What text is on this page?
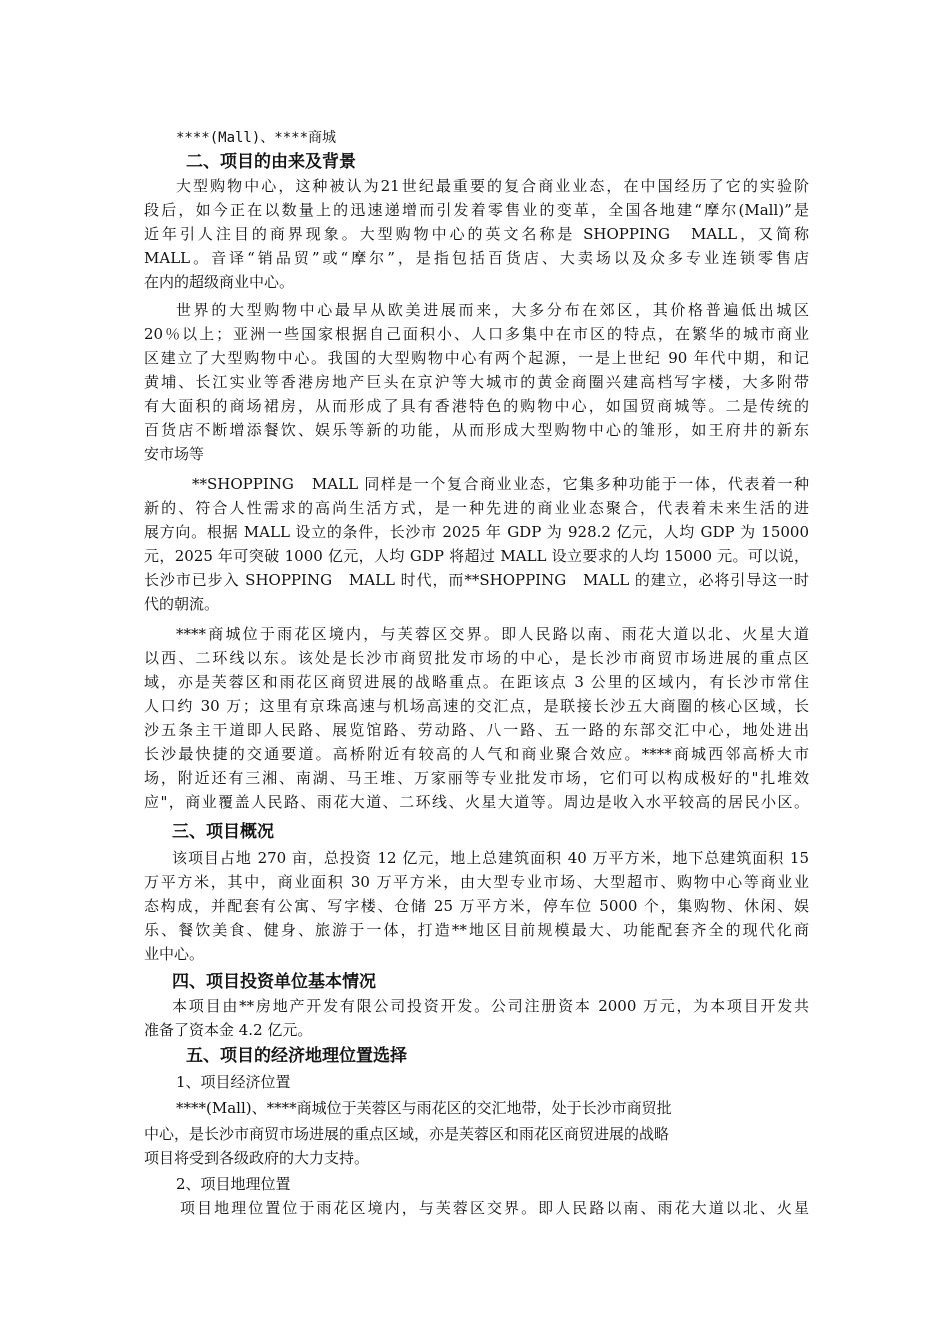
****(Mall)、****商城
二、项目的由来及背景
大型购物中心，这种被认为21世纪最重要的复合商业业态，在中国经历了它的实验阶
段后，如今正在以数量上的迅速递增而引发着零售业的变革，全国各地建“摩尔(Mall)”是
近年引人注目的商界现象。大型购物中心的英文名称是 SHOPPING　MALL，又简称
MALL。音译“销品贸”或“摩尔”，是指包括百货店、大卖场以及众多专业连锁零售店
在内的超级商业中心。
世界的大型购物中心最早从欧美进展而来，大多分布在郊区，其价格普遍低出城区
20％以上；亚洲一些国家根据自己面积小、人口多集中在市区的特点，在繁华的城市商业
区建立了大型购物中心。我国的大型购物中心有两个起源，一是上世纪 90 年代中期，和记
黄埔、长江实业等香港房地产巨头在京沪等大城市的黄金商圈兴建高档写字楼，大多附带
有大面积的商场裙房，从而形成了具有香港特色的购物中心，如国贸商城等。二是传统的
百货店不断增添餐饮、娱乐等新的功能，从而形成大型购物中心的雏形，如王府井的新东
安市场等
**SHOPPING　MALL 同样是一个复合商业业态，它集多种功能于一体，代表着一种
新的、符合人性需求的高尚生活方式，是一种先进的商业业态聚合，代表着未来生活的进
展方向。根据 MALL 设立的条件，长沙市 2025 年 GDP 为 928.2 亿元，人均 GDP 为 15000
元，2025 年可突破 1000 亿元，人均 GDP 将超过 MALL 设立要求的人均 15000 元。可以说，
长沙市已步入 SHOPPING　MALL 时代，而**SHOPPING　MALL 的建立，必将引导这一时
代的朝流。
****商城位于雨花区境内，与芙蓉区交界。即人民路以南、雨花大道以北、火星大道
以西、二环线以东。该处是长沙市商贸批发市场的中心，是长沙市商贸市场进展的重点区
域，亦是芙蓉区和雨花区商贸进展的战略重点。在距该点 3 公里的区域内，有长沙市常住
人口约 30 万；这里有京珠高速与机场高速的交汇点，是联接长沙五大商圈的核心区域，长
沙五条主干道即人民路、展览馆路、劳动路、八一路、五一路的东部交汇中心，地处进出
长沙最快捷的交通要道。高桥附近有较高的人气和商业聚合效应。****商城西邻高桥大市
场，附近还有三湘、南湖、马王堆、万家丽等专业批发市场，它们可以构成极好的"扎堆效
应"，商业覆盖人民路、雨花大道、二环线、火星大道等。周边是收入水平较高的居民小区。
三、项目概况
该项目占地 270 亩，总投资 12 亿元，地上总建筑面积 40 万平方米，地下总建筑面积 15
万平方米，其中，商业面积 30 万平方米，由大型专业市场、大型超市、购物中心等商业业
态构成，并配套有公寓、写字楼、仓储 25 万平方米，停车位 5000 个，集购物、休闲、娱
乐、餐饮美食、健身、旅游于一体，打造**地区目前规模最大、功能配套齐全的现代化商
业中心。
四、项目投资单位基本情况
本项目由**房地产开发有限公司投资开发。公司注册资本 2000 万元，为本项目开发共
准备了资本金 4.2 亿元。
五、项目的经济地理位置选择
1、项目经济位置
****(Mall)、****商城位于芙蓉区与雨花区的交汇地带，处于长沙市商贸批
中心，是长沙市商贸市场进展的重点区域，亦是芙蓉区和雨花区商贸进展的战略
项目将受到各级政府的大力支持。
2、项目地理位置
项目地理位置位于雨花区境内，与芙蓉区交界。即人民路以南、雨花大道以北、火星
